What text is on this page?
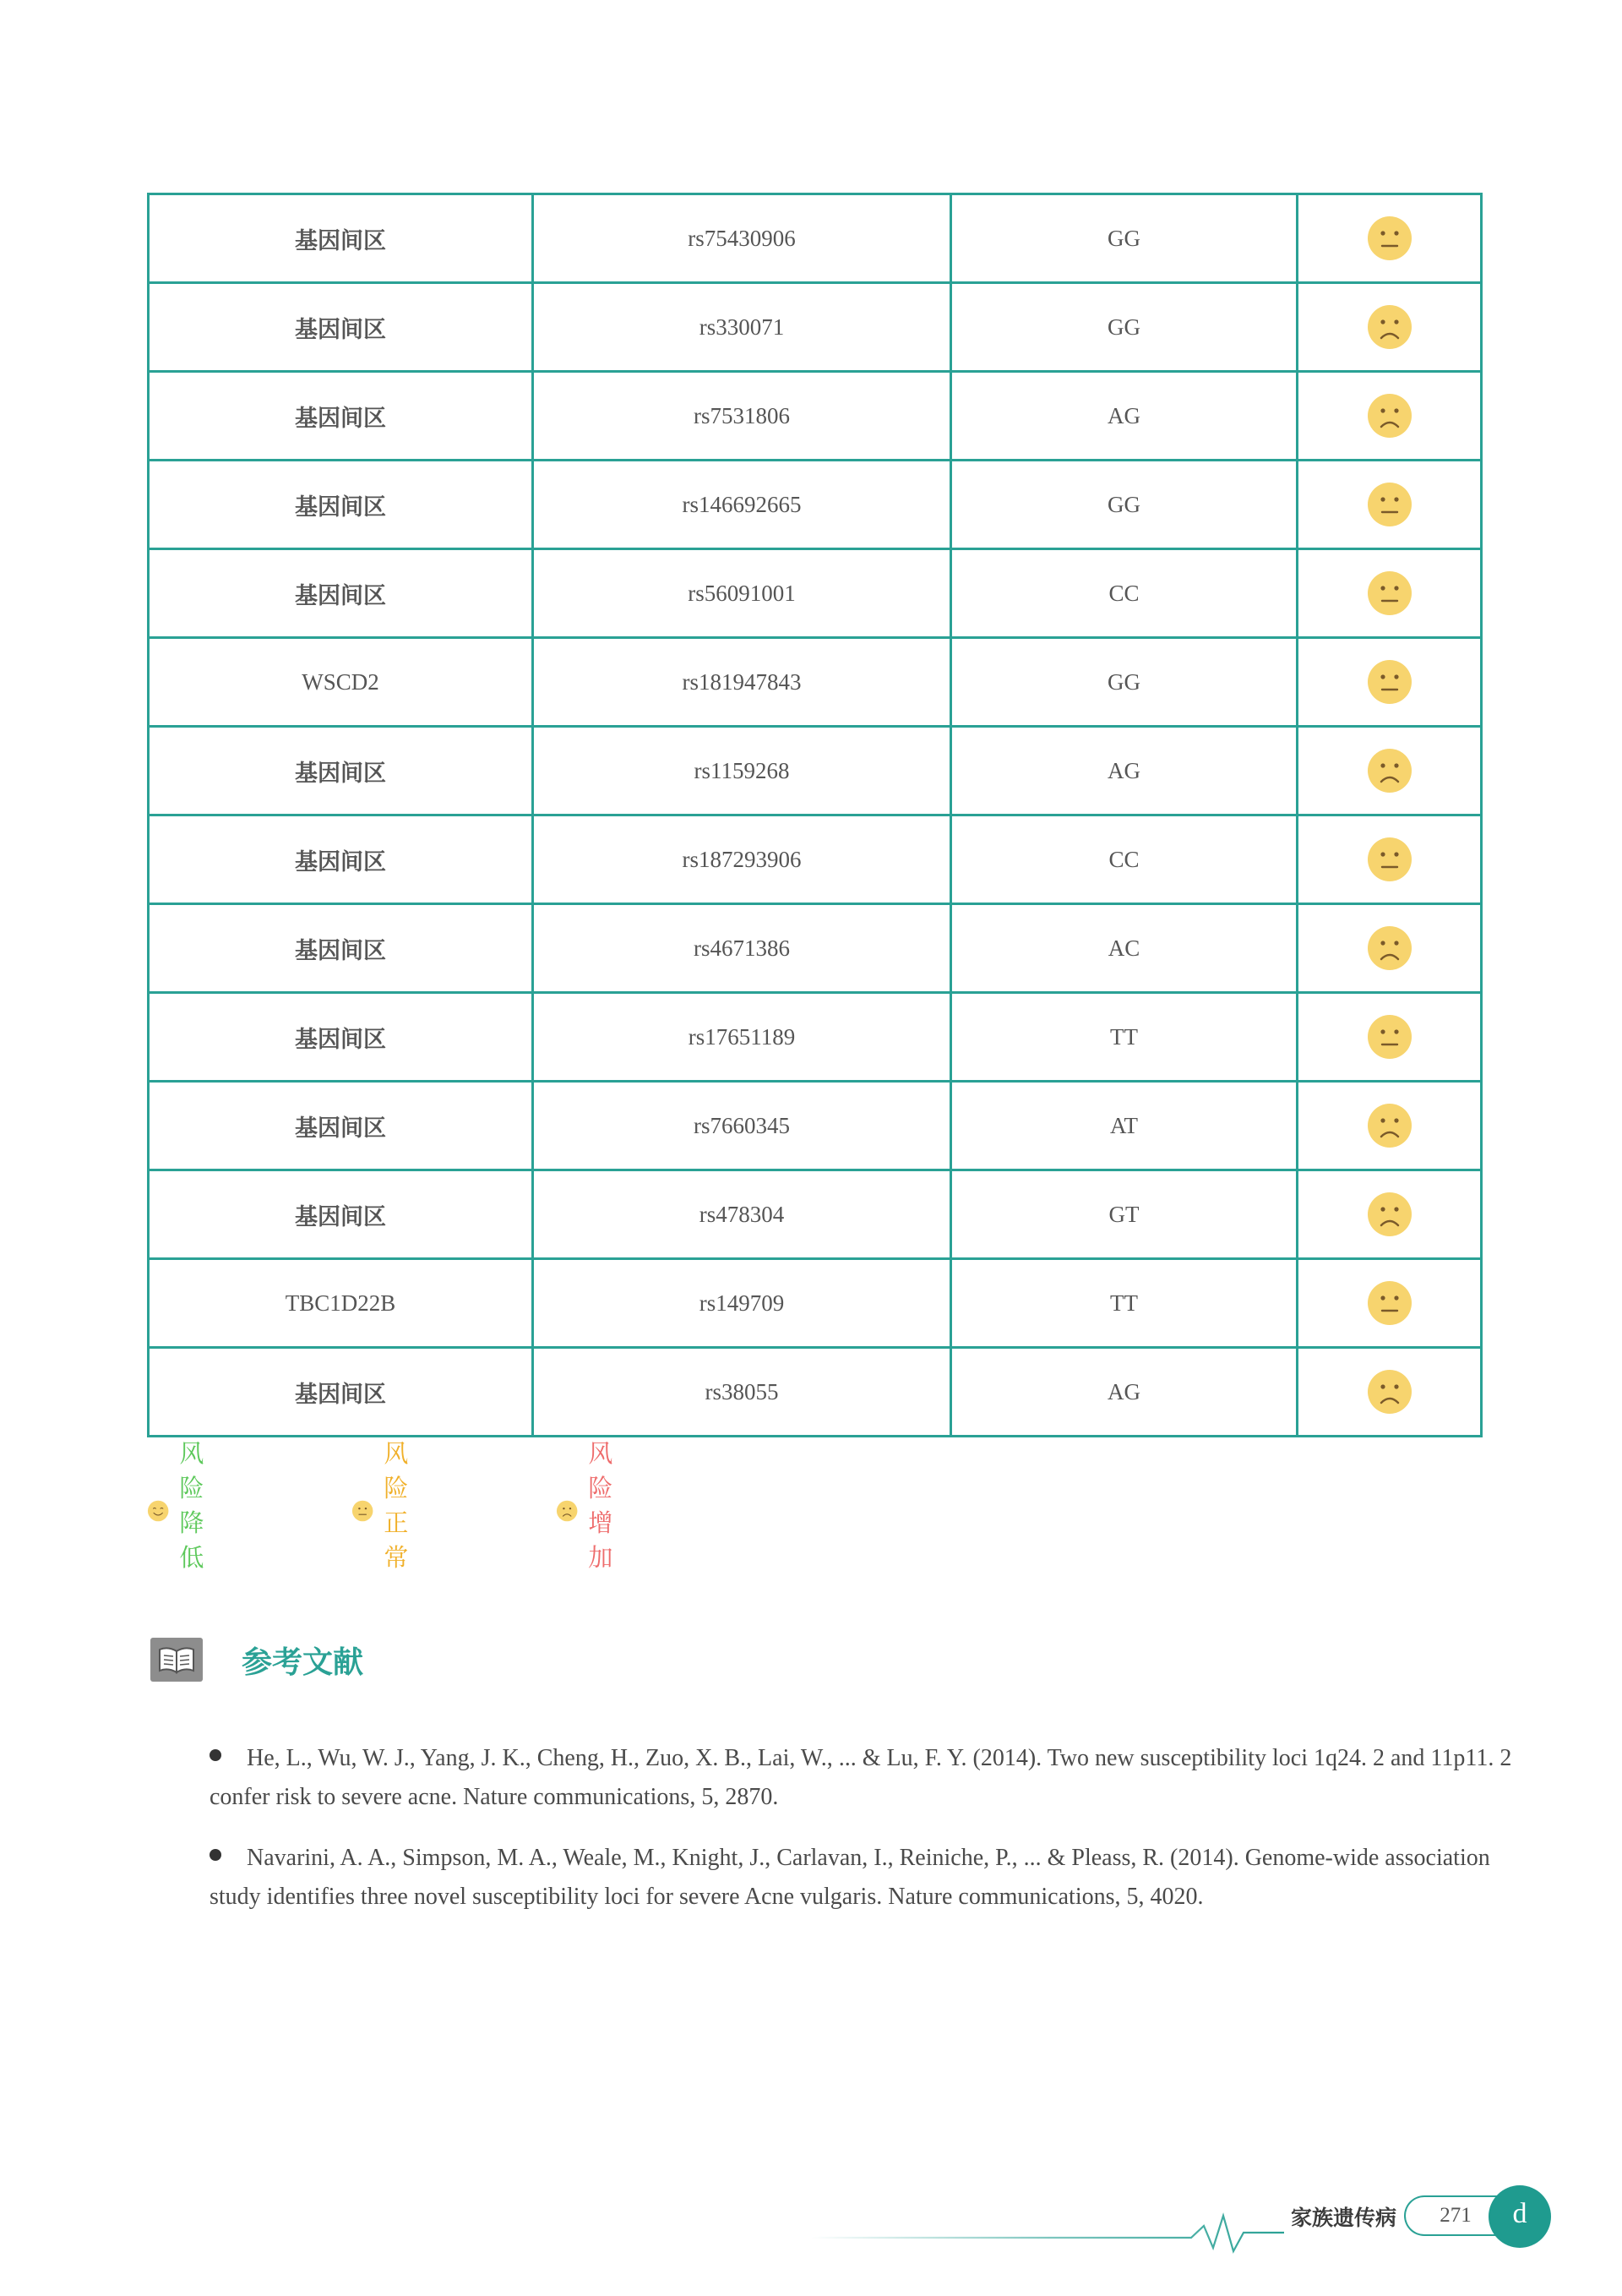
基因间区	rs75430906	GG	
基因间区	rs330071	GG	
基因间区	rs7531806	AG	
基因间区	rs146692665	GG	
基因间区	rs56091001	CC	
WSCD2	rs181947843	GG	
基因间区	rs1159268	AG	
基因间区	rs187293906	CC	
基因间区	rs4671386	AC	
基因间区	rs17651189	TT	
基因间区	rs7660345	AT	
基因间区	rs478304	GT	
TBC1D22B	rs149709	TT	
基因间区	rs38055	AG	
风险降低
风险正常
风险增加
参考文献
He, L., Wu, W. J., Yang, J. K., Cheng, H., Zuo, X. B., Lai, W., ... & Lu, F. Y. (2014). Two new susceptibility loci 1q24. 2 and 11p11. 2 confer risk to severe acne. Nature communications, 5, 2870.
Navarini, A. A., Simpson, M. A., Weale, M., Knight, J., Carlavan, I., Reiniche, P., ... & Pleass, R. (2014). Genome-wide association study identifies three novel susceptibility loci for severe Acne vulgaris. Nature communications, 5, 4020.
家族遗传病	271	d
